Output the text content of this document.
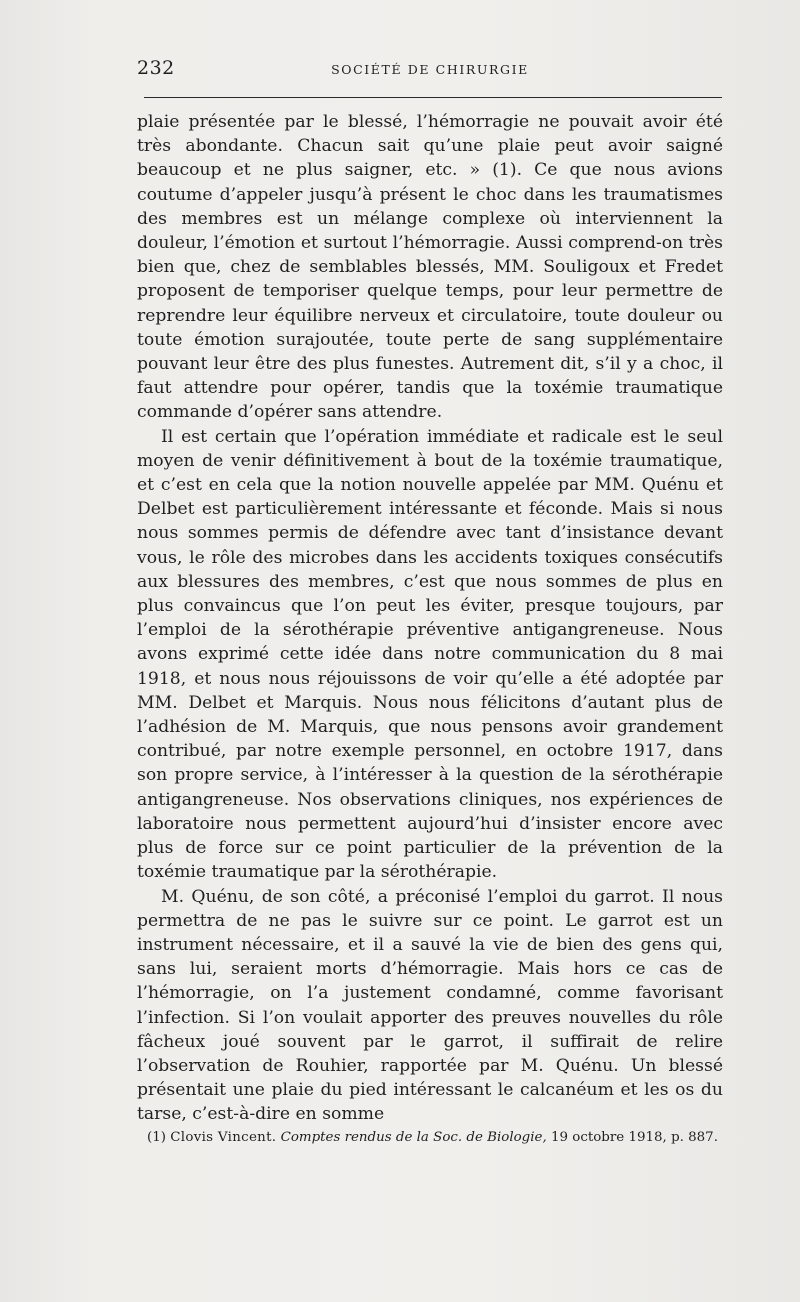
232	SOCIÉTÉ DE CHIRURGIE

plaie présentée par le blessé, l’hémorragie ne pouvait avoir été très abondante. Chacun sait qu’une plaie peut avoir saigné beaucoup et ne plus saigner, etc. » (1). Ce que nous avions coutume d’appeler jusqu’à présent le choc dans les traumatismes des membres est un mélange complexe où interviennent la douleur, l’émotion et surtout l’hémorragie. Aussi comprend-on très bien que, chez de semblables blessés, MM. Souligoux et Fredet proposent de temporiser quelque temps, pour leur permettre de reprendre leur équilibre nerveux et circulatoire, toute douleur ou toute émotion surajoutée, toute perte de sang supplémentaire pouvant leur être des plus funestes. Autrement dit, s’il y a choc, il faut attendre pour opérer, tandis que la toxémie traumatique commande d’opérer sans attendre.

Il est certain que l’opération immédiate et radicale est le seul moyen de venir définitivement à bout de la toxémie traumatique, et c’est en cela que la notion nouvelle appelée par MM. Quénu et Delbet est particulièrement intéressante et féconde. Mais si nous nous sommes permis de défendre avec tant d’insistance devant vous, le rôle des microbes dans les accidents toxiques consécutifs aux blessures des membres, c’est que nous sommes de plus en plus convaincus que l’on peut les éviter, presque toujours, par l’emploi de la sérothérapie préventive antigangreneuse. Nous avons exprimé cette idée dans notre communication du 8 mai 1918, et nous nous réjouissons de voir qu’elle a été adoptée par MM. Delbet et Marquis. Nous nous félicitons d’autant plus de l’adhésion de M. Marquis, que nous pensons avoir grandement contribué, par notre exemple personnel, en octobre 1917, dans son propre service, à l’intéresser à la question de la sérothérapie antigangreneuse. Nos observations cliniques, nos expériences de laboratoire nous permettent aujourd’hui d’insister encore avec plus de force sur ce point particulier de la prévention de la toxémie traumatique par la sérothérapie.

M. Quénu, de son côté, a préconisé l’emploi du garrot. Il nous permettra de ne pas le suivre sur ce point. Le garrot est un instrument nécessaire, et il a sauvé la vie de bien des gens qui, sans lui, seraient morts d’hémorragie. Mais hors ce cas de l’hémorragie, on l’a justement condamné, comme favorisant l’infection. Si l’on voulait apporter des preuves nouvelles du rôle fâcheux joué souvent par le garrot, il suffirait de relire l’observation de Rouhier, rapportée par M. Quénu. Un blessé présentait une plaie du pied intéressant le calcanéum et les os du tarse, c’est-à-dire en somme

(1) Clovis Vincent. Comptes rendus de la Soc. de Biologie, 19 octobre 1918, p. 887.
